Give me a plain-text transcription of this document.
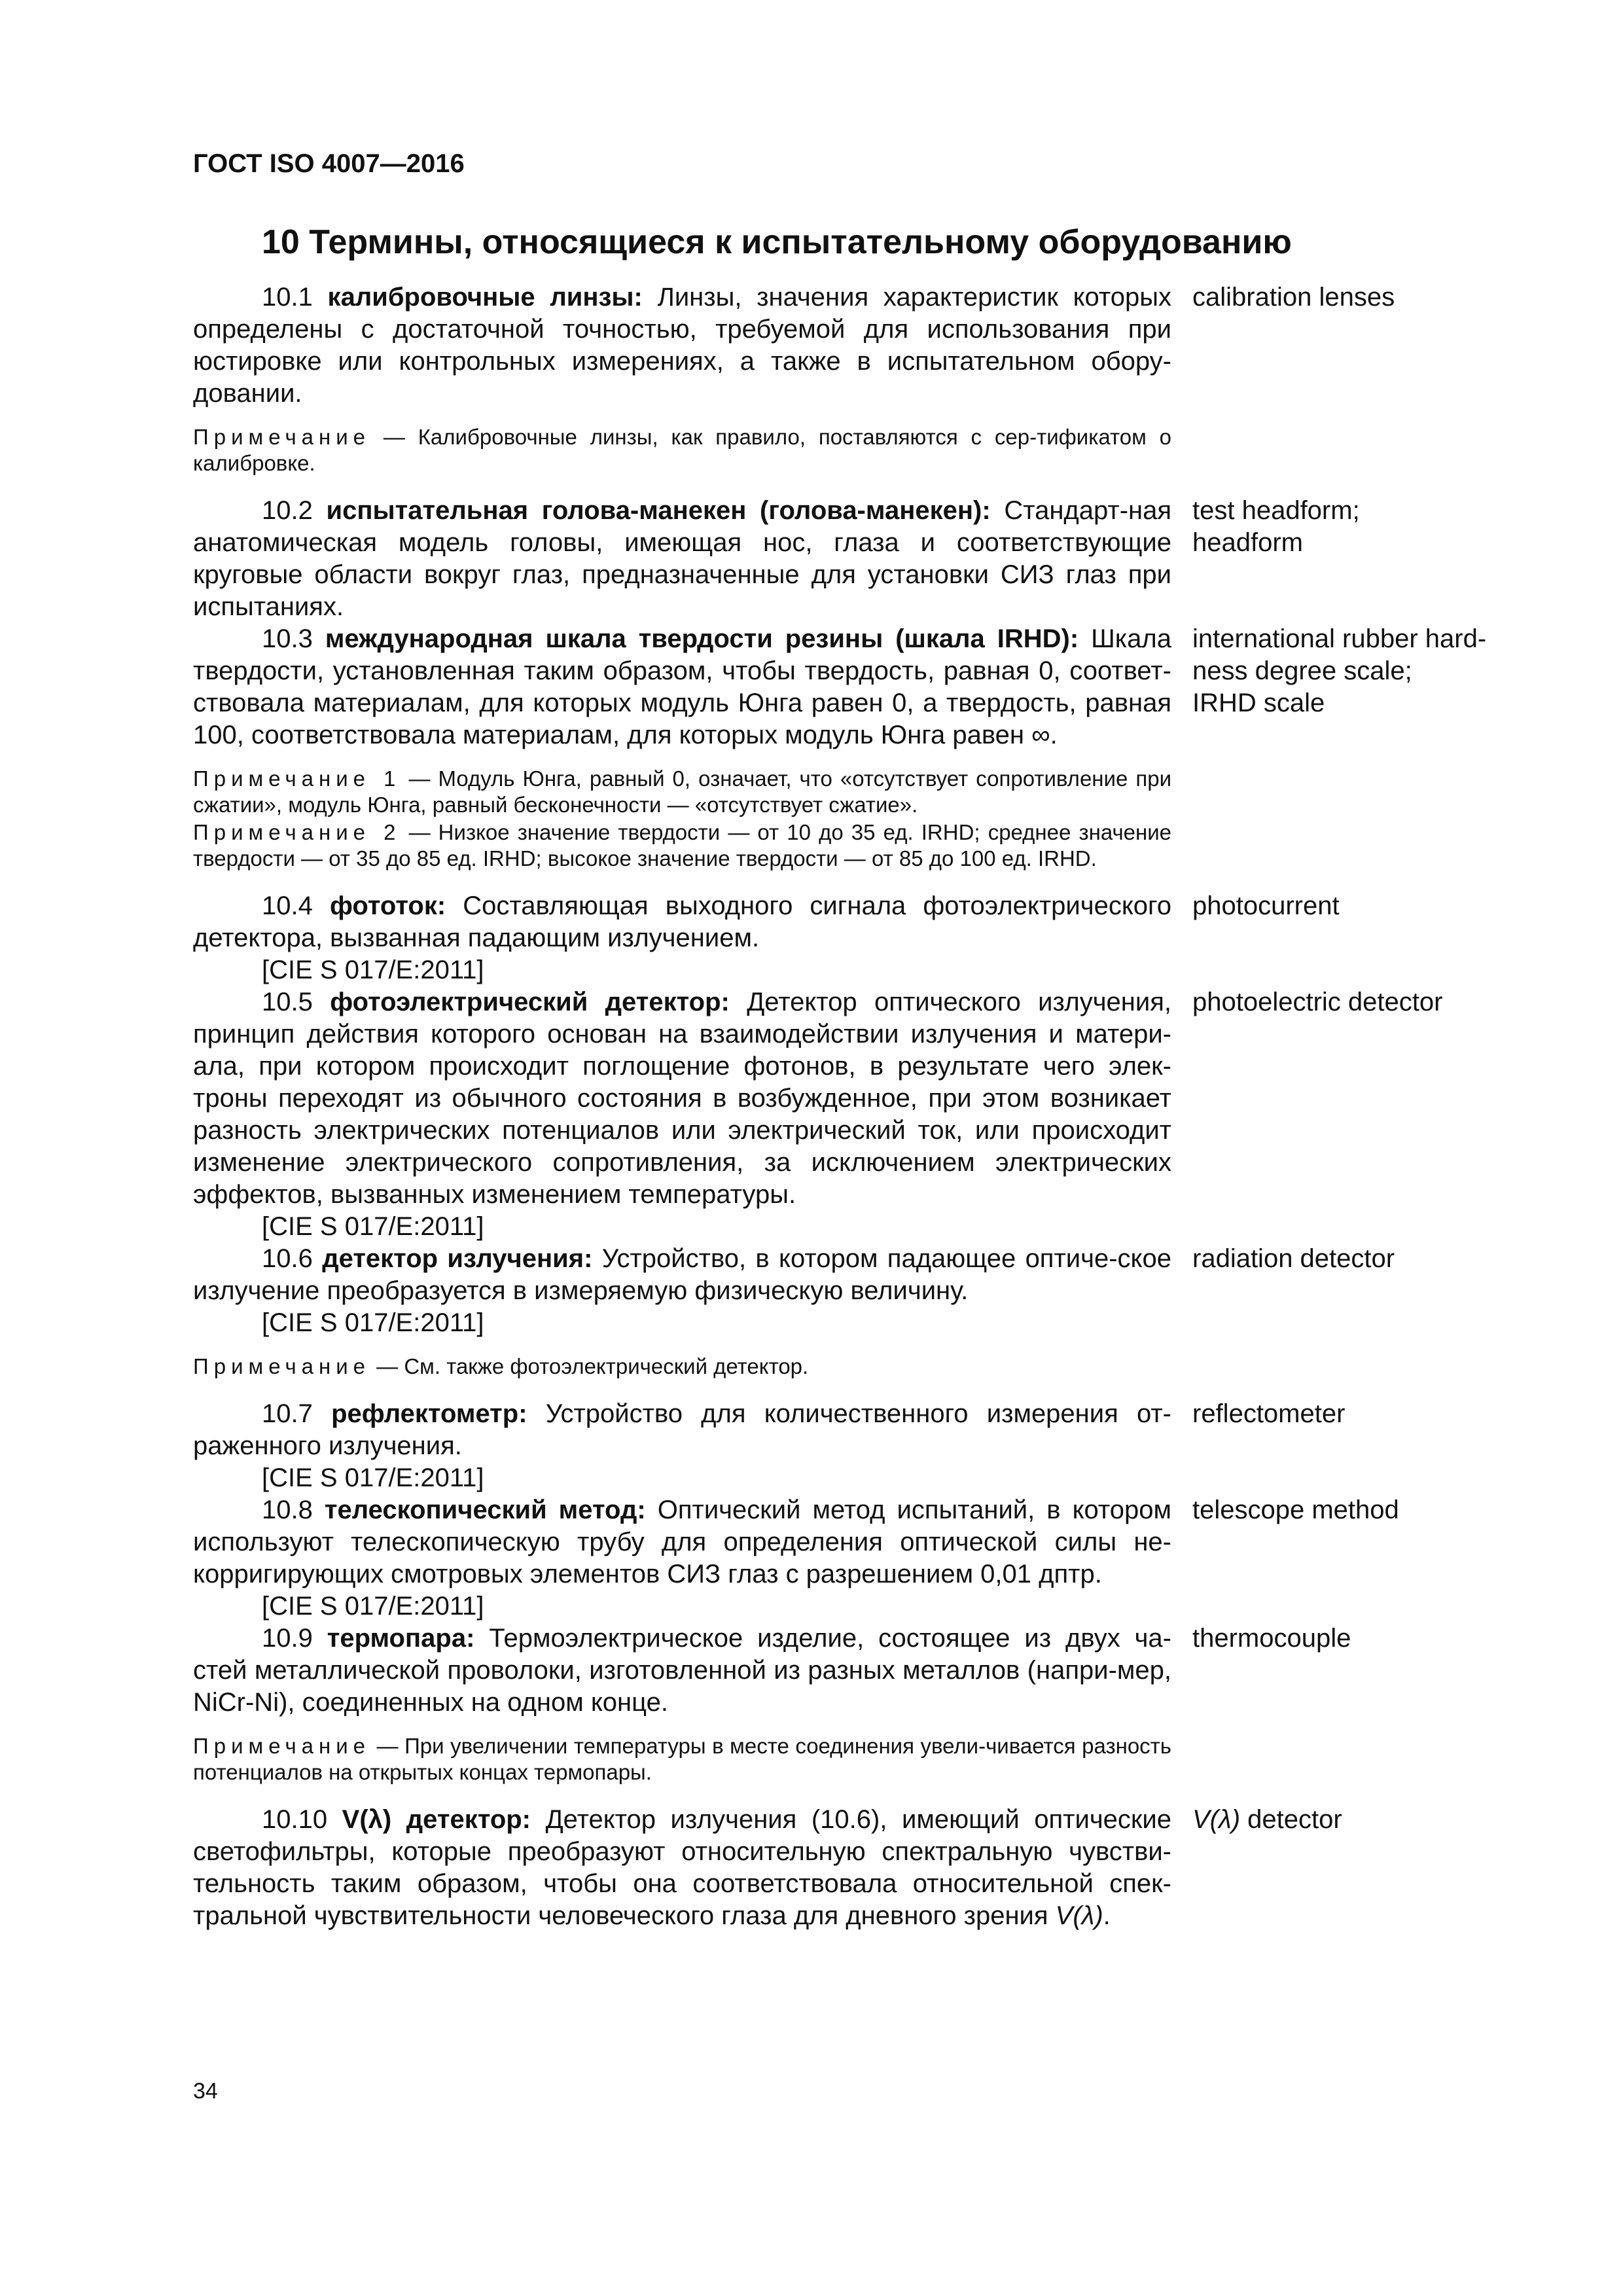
ГОСТ ISO 4007—2016
10 Термины, относящиеся к испытательному оборудованию

10.1 калибровочные линзы: Линзы, значения характеристик которых определены с достаточной точностью, требуемой для использования при юстировке или контрольных измерениях, а также в испытательном обору-довании.

calibration lenses
Примечание — Калибровочные линзы, как правило, поставляются с сер-тификатом о калибровке.

10.2 испытательная голова-манекен (голова-манекен): Стандарт-ная анатомическая модель головы, имеющая нос, глаза и соответствующие круговые области вокруг глаз, предназначенные для установки СИЗ глаз при испытаниях.

test headform;
headform

10.3 международная шкала твердости резины (шкала IRHD): Шкала твердости, установленная таким образом, чтобы твердость, равная 0, соответ-ствовала материалам, для которых модуль Юнга равен 0, а твердость, равная 100, соответствовала материалам, для которых модуль Юнга равен ∞.

international rubber hard-
ness degree scale;
IRHD scale
Примечание 1 — Модуль Юнга, равный 0, означает, что «отсутствует сопротивление при сжатии», модуль Юнга, равный бесконечности — «отсутствует сжатие».
Примечание 2 — Низкое значение твердости — от 10 до 35 ед. IRHD; среднее значение твердости — от 35 до 85 ед. IRHD; высокое значение твердости — от 85 до 100 ед. IRHD.

10.4 фототок: Составляющая выходного сигнала фотоэлектрического детектора, вызванная падающим излучением.

[CIE S 017/E:2011]

photocurrent

10.5 фотоэлектрический детектор: Детектор оптического излучения, принцип действия которого основан на взаимодействии излучения и матери-ала, при котором происходит поглощение фотонов, в результате чего элек-троны переходят из обычного состояния в возбужденное, при этом возникает разность электрических потенциалов или электрический ток, или происходит изменение электрического сопротивления, за исключением электрических эффектов, вызванных изменением температуры.

[CIE S 017/E:2011]

photoelectric detector

10.6 детектор излучения: Устройство, в котором падающее оптиче-ское излучение преобразуется в измеряемую физическую величину.

[CIE S 017/E:2011]

radiation detector
Примечание — См. также фотоэлектрический детектор.

10.7 рефлектометр: Устройство для количественного измерения от-раженного излучения.

[CIE S 017/E:2011]

reflectometer

10.8 телескопический метод: Оптический метод испытаний, в котором используют телескопическую трубу для определения оптической силы не-корригирующих смотровых элементов СИЗ глаз с разрешением 0,01 дптр.

[CIE S 017/E:2011]

telescope method

10.9 термопара: Термоэлектрическое изделие, состоящее из двух ча-стей металлической проволоки, изготовленной из разных металлов (напри-мер, NiCr-Ni), соединенных на одном конце.

thermocouple
Примечание — При увеличении температуры в месте соединения увели-чивается разность потенциалов на открытых концах термопары.

10.10 V(λ) детектор: Детектор излучения (10.6), имеющий оптические светофильтры, которые преобразуют относительную спектральную чувстви-тельность таким образом, чтобы она соответствовала относительной спек-тральной чувствительности человеческого глаза для дневного зрения V(λ).

V(λ) detector
34
